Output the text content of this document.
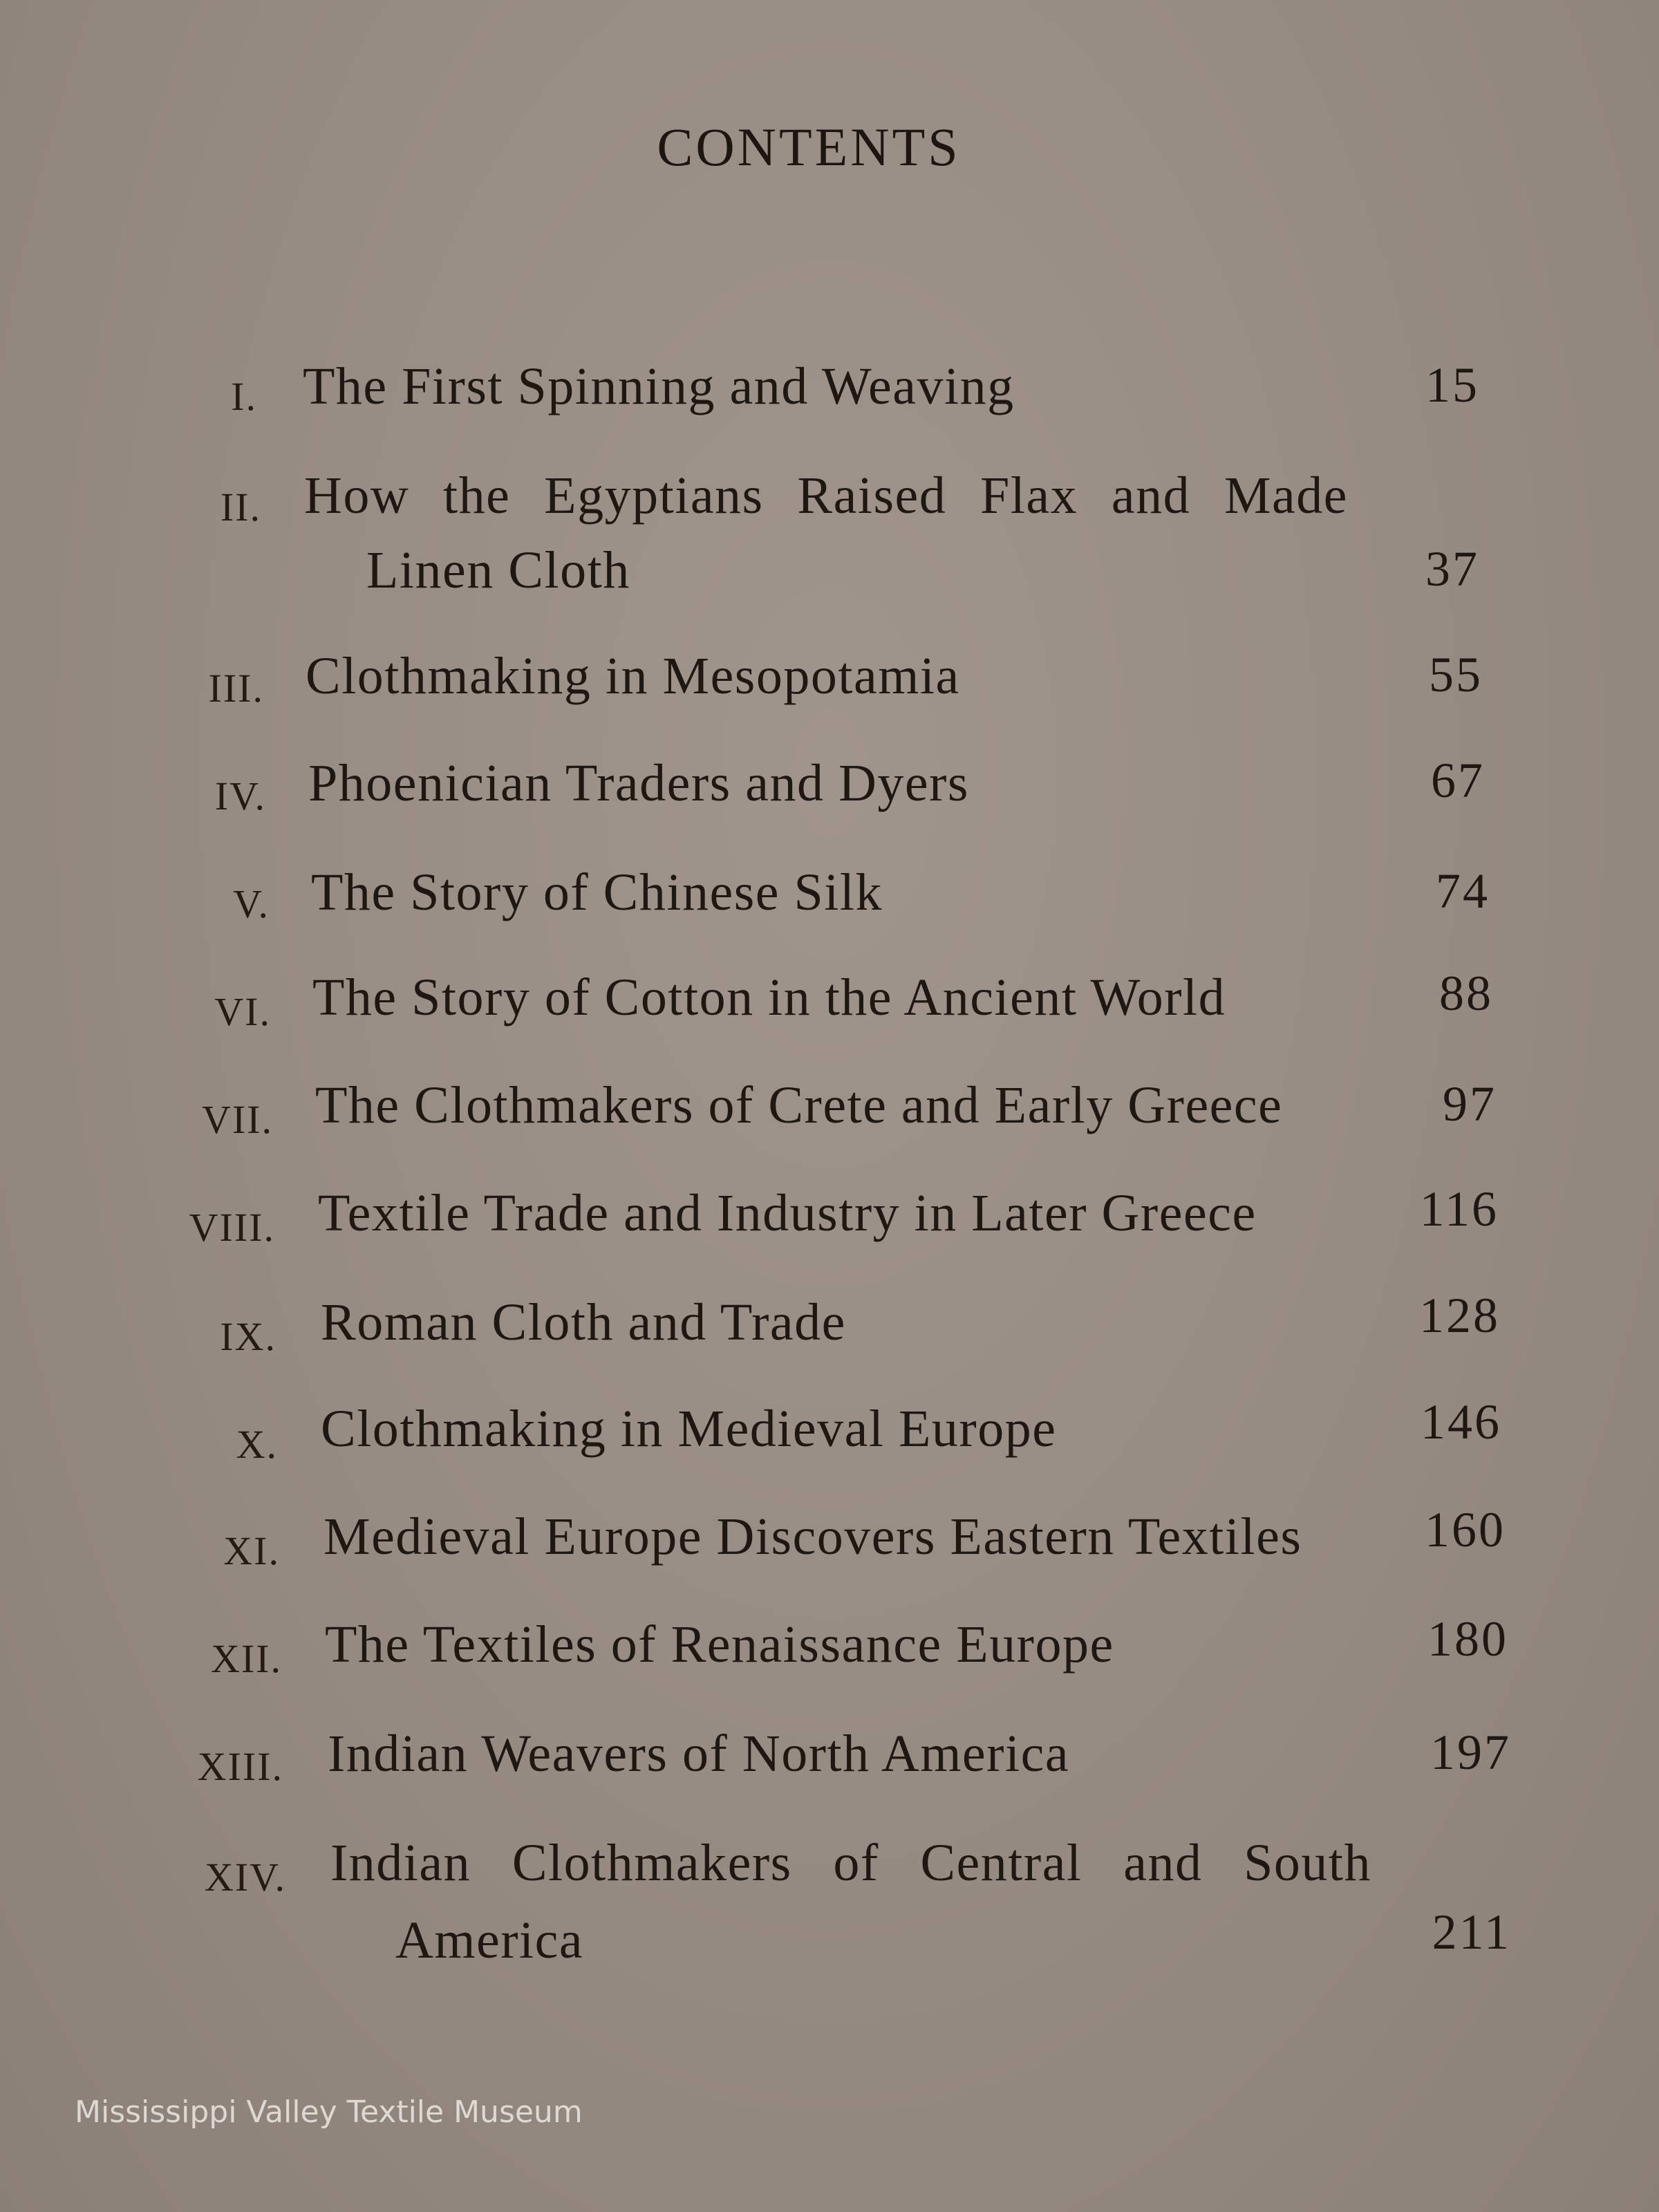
CONTENTS
I. The First Spinning and Weaving	15
II. How the Egyptians Raised Flax and Made
Linen Cloth	37
III. Clothmaking in Mesopotamia	55
IV. Phoenician Traders and Dyers	67
V. The Story of Chinese Silk	74
VI. The Story of Cotton in the Ancient World	88
VII. The Clothmakers of Crete and Early Greece	97
VIII. Textile Trade and Industry in Later Greece	116
IX. Roman Cloth and Trade	128
X. Clothmaking in Medieval Europe	146
XI. Medieval Europe Discovers Eastern Textiles	160
XII. The Textiles of Renaissance Europe	180
XIII. Indian Weavers of North America	197
XIV. Indian Clothmakers of Central and South
America	211
Mississippi Valley Textile Museum
